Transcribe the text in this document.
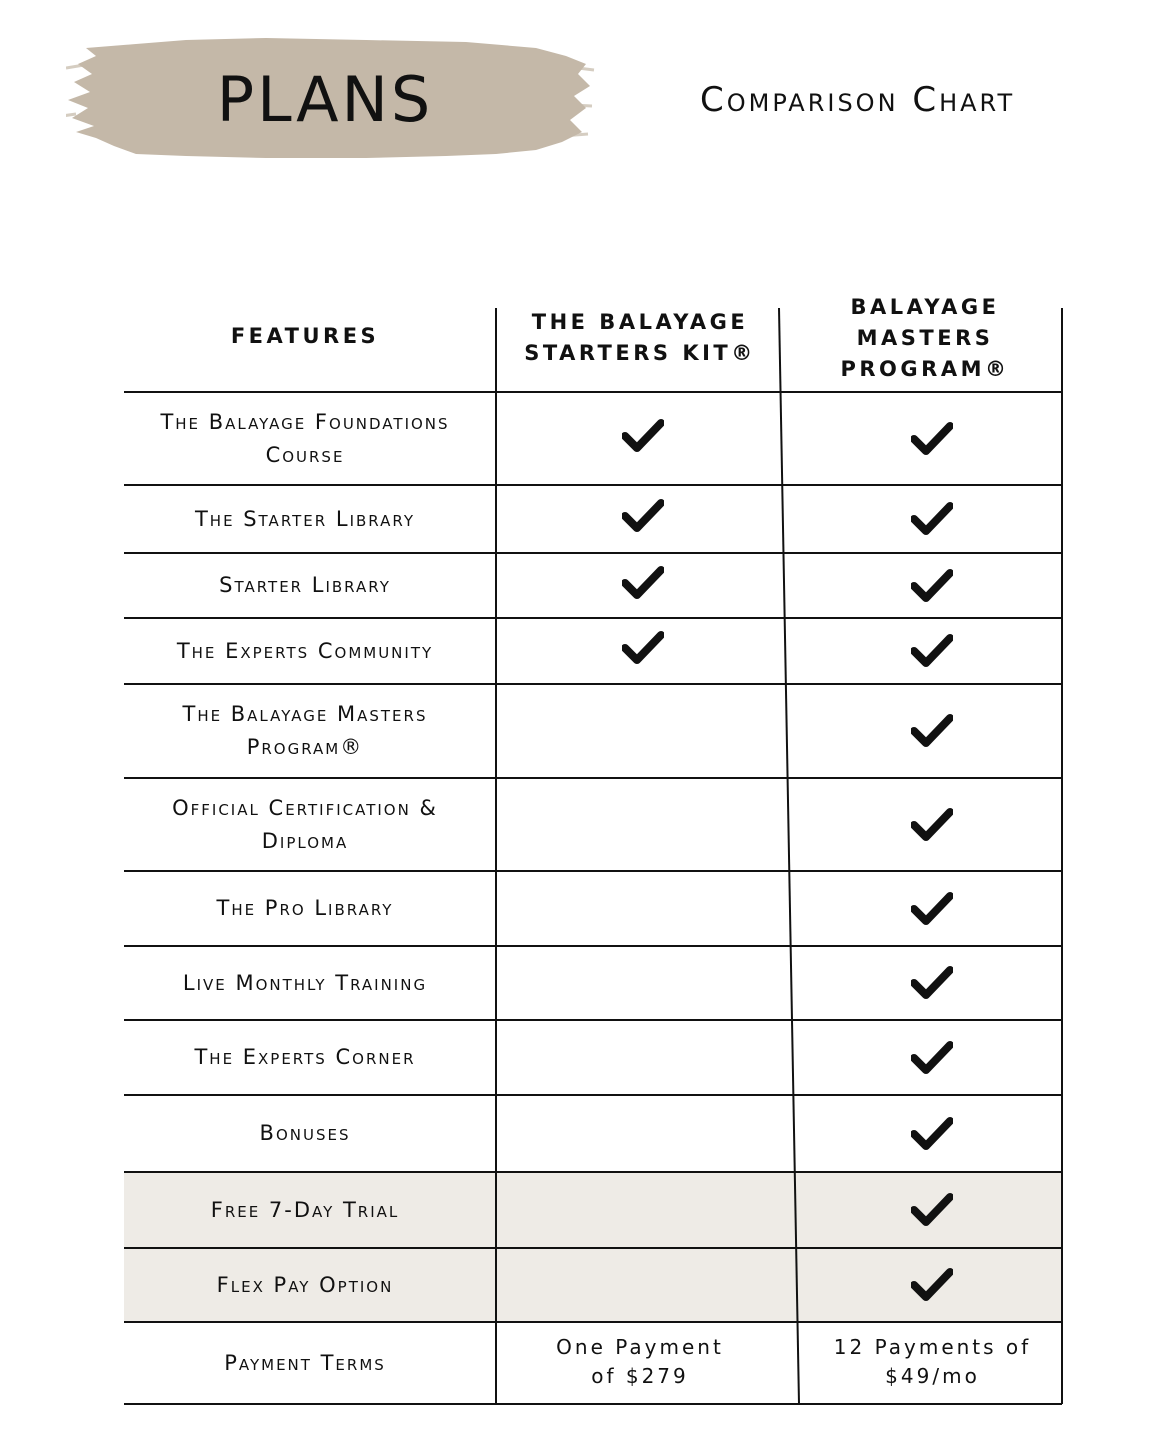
PLANS	Comparison Chart
FEATURES
THE BALAYAGE STARTERS KIT®
BALAYAGE MASTERS PROGRAM®
The Balayage Foundations Course
The Starter Library
Starter Library
The Experts Community
The Balayage Masters Program®
Official Certification & Diploma
The Pro Library
Live Monthly Training
The Experts Corner
Bonuses
Free 7-Day Trial
Flex Pay Option
Payment Terms
One Payment of $279
12 Payments of $49/mo
